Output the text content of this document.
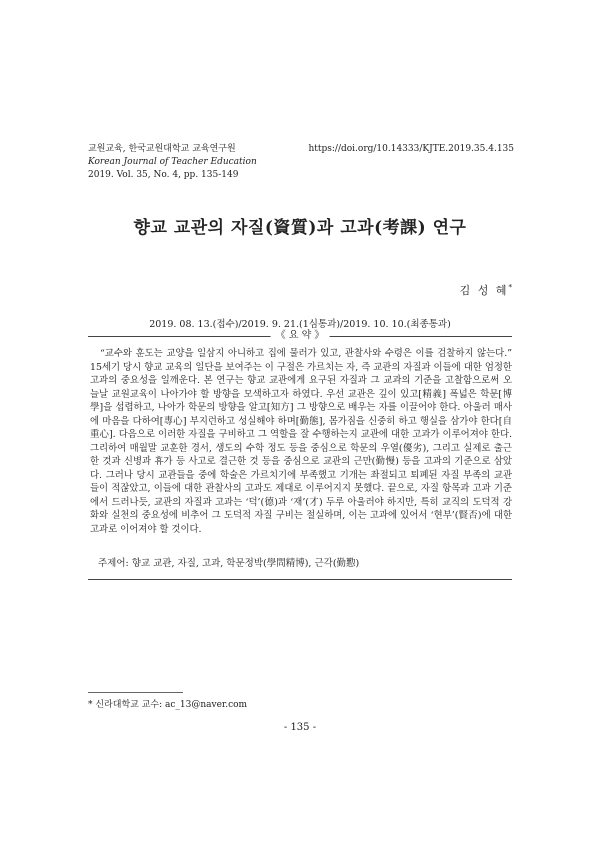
교원교육, 한국교원대학교 교육연구원
Korean Journal of Teacher Education
2019. Vol. 35, No. 4, pp. 135-149
https://doi.org/10.14333/KJTE.2019.35.4.135
향교 교관의 자질(資質)과 고과(考課) 연구
김 성 혜*
2019. 08. 13.(접수)/2019. 9. 21.(1심통과)/2019. 10. 10.(최종통과)
《 요 약 》

“교수와 훈도는 교양을 일삼지 아니하고 집에 물러가 있고, 관찰사와 수령은 이를 검찰하지 않는다.” 15세기 당시 향교 교육의 일단을 보여주는 이 구절은 가르치는 자, 즉 교관의 자질과 이들에 대한 엄정한 고과의 중요성을 일깨운다. 본 연구는 향교 교관에게 요구된 자질과 그 교과의 기준을 고찰함으로써 오늘날 교원교육이 나아가야 할 방향을 모색하고자 하였다. 우선 교관은 깊이 있고[精義] 폭넓은 학문[博學]을 섭렵하고, 나아가 학문의 방향을 알고[知方] 그 방향으로 배우는 자를 이끌어야 한다. 아울러 매사에 마음을 다하여[專心] 부지런하고 성실해야 하며[勤態], 몸가짐을 신중히 하고 행실을 삼가야 한다[自重心]. 다음으로 이러한 자질을 구비하고 그 역할을 잘 수행하는지 교관에 대한 고과가 이루어져야 한다. 그리하여 매월말 교훈한 경서, 생도의 수학 정도 등을 중심으로 학문의 우열(優劣), 그리고 실제로 출근한 것과 신병과 휴가 등 사고로 결근한 것 등을 중심으로 교관의 근만(勤慢) 등을 고과의 기준으로 삼았다. 그러나 당시 교관들을 중에 학술은 가르치기에 부족했고 기개는 좌절되고 퇴폐된 자질 부족의 교관들이 적잖았고, 이들에 대한 관찰사의 고과도 제대로 이루어지지 못했다. 끝으로, 자질 항목과 고과 기준에서 드러나듯, 교관의 자질과 고과는 ‘덕’(德)과 ‘재’(才) 두루 아울러야 하지만, 특히 교직의 도덕적 강화와 실천의 중요성에 비추어 그 도덕적 자질 구비는 절실하며, 이는 고과에 있어서 ‘현부’(賢否)에 대한 고과로 이어져야 할 것이다.

주제어: 향교 교관, 자질, 고과, 학문정박(學問精博), 근각(勤懃)
* 신라대학교 교수: ac_13@naver.com
- 135 -
